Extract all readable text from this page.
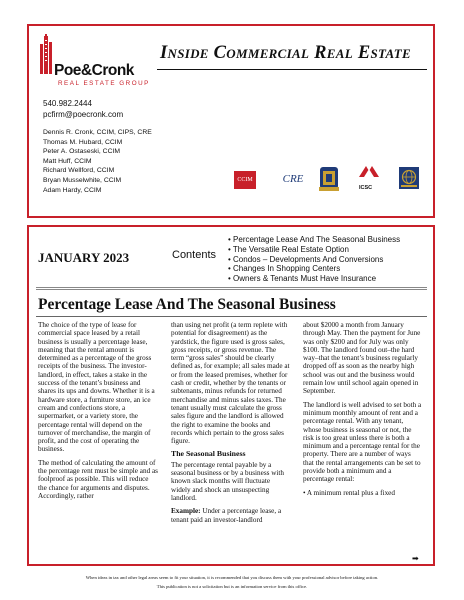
Poe&Cronk
REAL ESTATE GROUP
Inside Commercial Real Estate
540.982.2444
pcfirm@poecronk.com
Dennis R. Cronk, CCIM, CIPS, CRE
Thomas M. Hubard, CCIM
Peter A. Ostaseski, CCIM
Matt Huff, CCIM
Richard Wellford, CCIM
Bryan Musselwhite, CCIM
Adam Hardy, CCIM
CCIM	CRE
ICSC
JANUARY 2023	Contents
• Percentage Lease And The Seasonal Business
• The Versatile Real Estate Option
• Condos – Developments And Conversions
• Changes In Shopping Centers
• Owners & Tenants Must Have Insurance
Percentage Lease And The Seasonal Business

The choice of the type of lease for commercial space leased by a retail business is usually a percentage lease, meaning that the rental amount is determined as a percentage of the gross receipts of the business. The investor-landlord, in effect, takes a stake in the success of the tenant’s business and shares its ups and downs. Whether it is a hardware store, a furniture store, an ice cream and confections store, a supermarket, or a variety store, the percentage rental will depend on the turnover of merchandise, the margin of profit, and the cost of operating the business.

The method of calculating the amount of the percentage rent must be simple and as foolproof as possible. This will reduce the chance for arguments and disputes. Accordingly, rather

than using net profit (a term replete with potential for disagreement) as the yardstick, the figure used is gross sales, gross receipts, or gross revenue. The term “gross sales” should be clearly defined as, for example; all sales made at or from the leased premises, whether for cash or credit, whether by the tenants or subtenants, minus refunds for returned merchandise and minus sales taxes. The tenant usually must calculate the gross sales figure and the landlord is allowed the right to examine the books and records which pertain to the gross sales figure.

The Seasonal Business

The percentage rental payable by a seasonal business or by a business with known slack months will fluctuate widely and shock an unsuspecting landlord.

Example: Under a percentage lease, a tenant paid an investor-landlord

about $2000 a month from January through May. Then the payment for June was only $200 and for July was only $100. The landlord found out–the hard way–that the tenant’s business regularly dropped off as soon as the nearby high school was out and the business would remain low until school again opened in September.

The landlord is well advised to set both a minimum monthly amount of rent and a percentage rental. With any tenant, whose business is seasonal or not, the risk is too great unless there is both a minimum and a percentage rental for the property. There are a number of ways that the rental arrangements can be set to provide both a minimum and a percentage rental:

• A minimum rental plus a fixed

➡
When ideas in tax and other legal areas seem to fit your situation, it is recommended that you discuss them with your professional advisor before taking action.
This publication is not a solicitation but is an information service from this office.
